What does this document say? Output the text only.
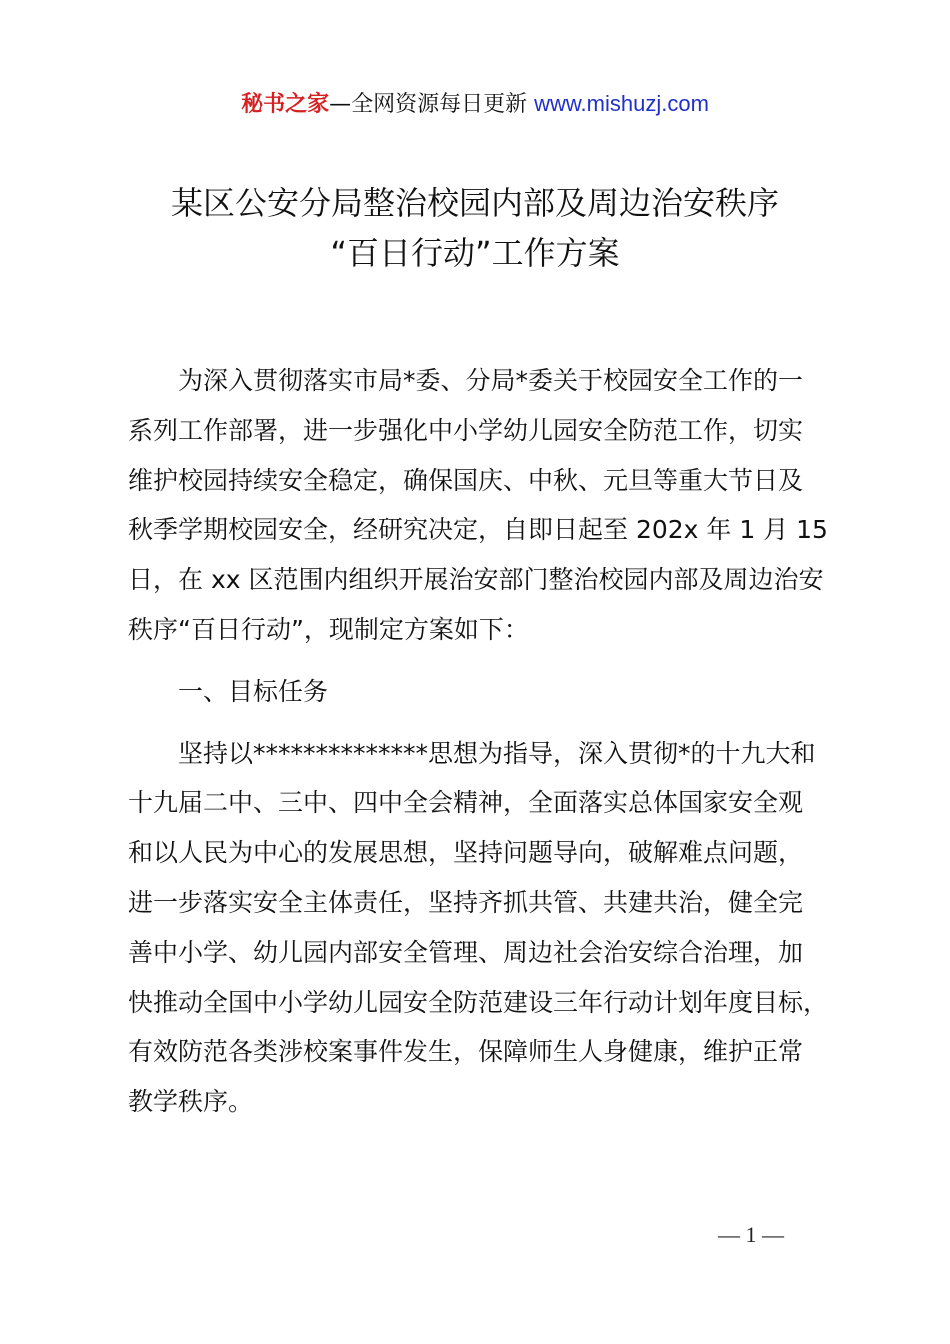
秘书之家—全网资源每日更新 www.mishuzj.com
某区公安分局整治校园内部及周边治安秩序
“百日行动”工作方案
为深入贯彻落实市局*委、分局*委关于校园安全工作的一
系列工作部署，进一步强化中小学幼儿园安全防范工作，切实
维护校园持续安全稳定，确保国庆、中秋、元旦等重大节日及
秋季学期校园安全，经研究决定，自即日起至 202x 年 1 月 15
日，在 xx 区范围内组织开展治安部门整治校园内部及周边治安
秩序“百日行动”，现制定方案如下：
一、目标任务
坚持以**************思想为指导，深入贯彻*的十九大和
十九届二中、三中、四中全会精神，全面落实总体国家安全观
和以人民为中心的发展思想，坚持问题导向，破解难点问题，
进一步落实安全主体责任，坚持齐抓共管、共建共治，健全完
善中小学、幼儿园内部安全管理、周边社会治安综合治理，加
快推动全国中小学幼儿园安全防范建设三年行动计划年度目标，
有效防范各类涉校案事件发生，保障师生人身健康，维护正常
教学秩序。
— 1 —
